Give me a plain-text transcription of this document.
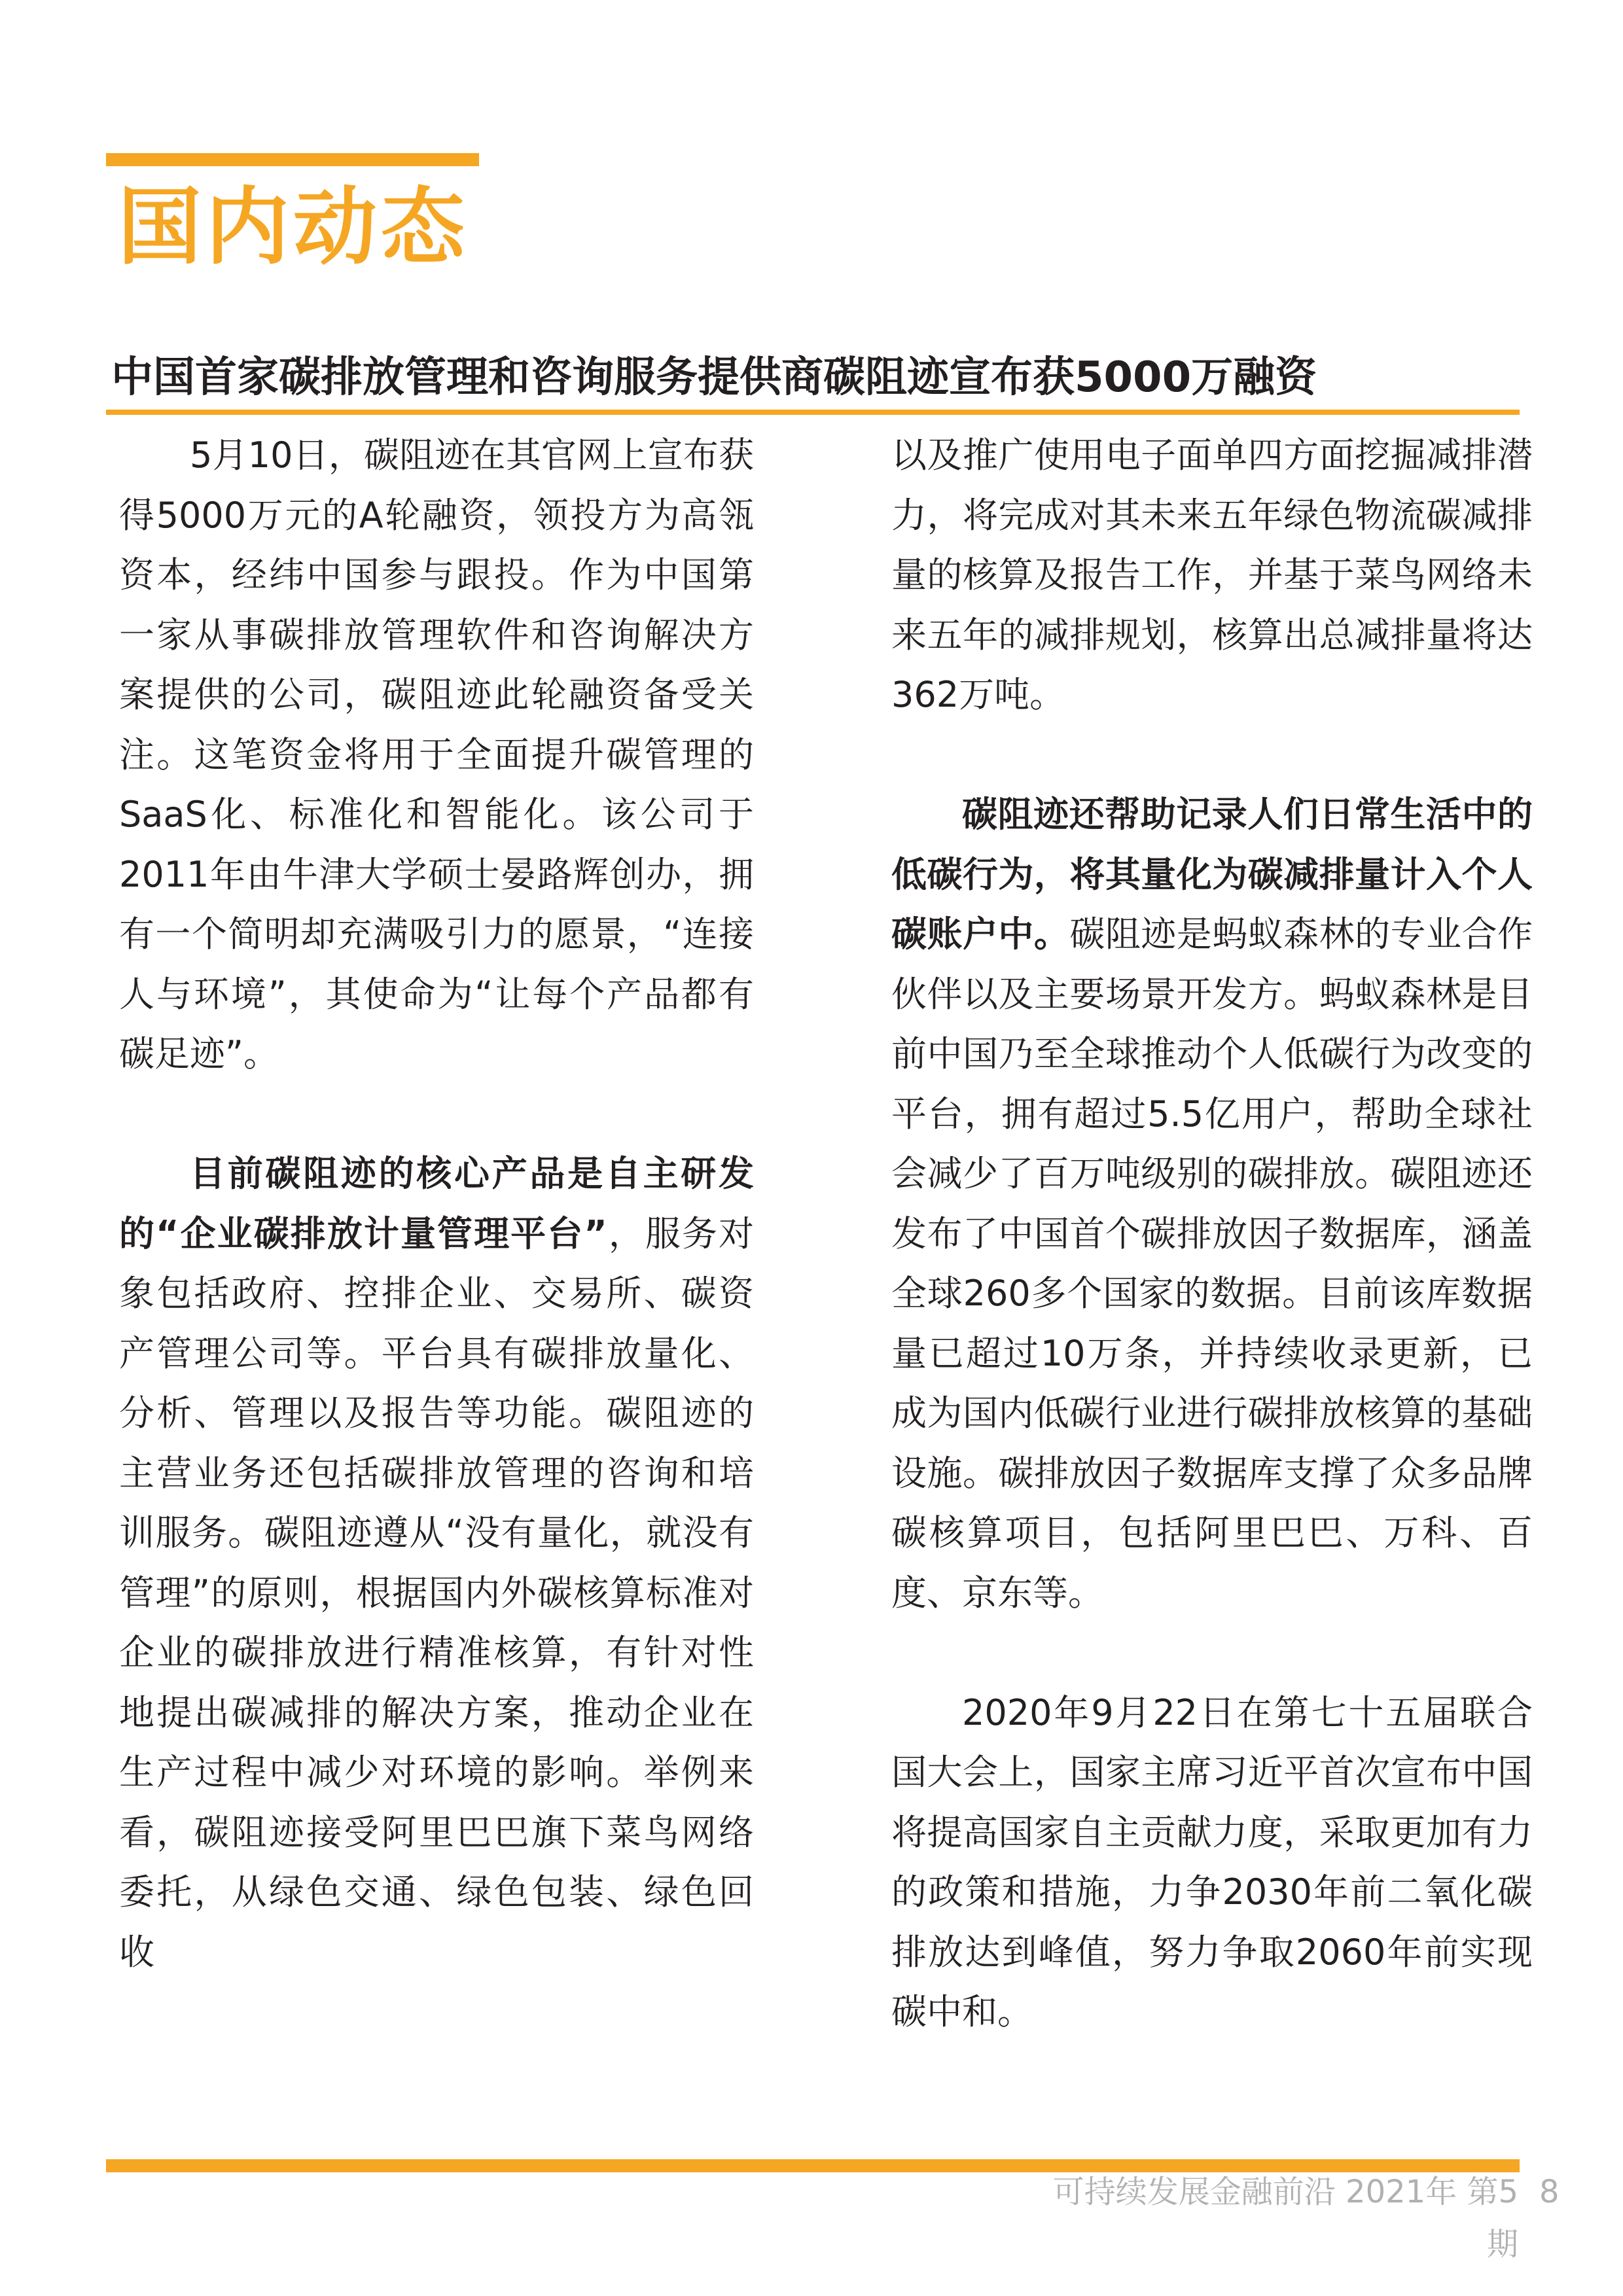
国内动态
中国首家碳排放管理和咨询服务提供商碳阻迹宣布获5000万融资

5月10日，碳阻迹在其官网上宣布获得5000万元的A轮融资，领投方为高瓴资本，经纬中国参与跟投。作为中国第一家从事碳排放管理软件和咨询解决方案提供的公司，碳阻迹此轮融资备受关注。这笔资金将用于全面提升碳管理的SaaS化、标准化和智能化。该公司于2011年由牛津大学硕士晏路辉创办，拥有一个简明却充满吸引力的愿景，“连接人与环境”，其使命为“让每个产品都有碳足迹”。

目前碳阻迹的核心产品是自主研发的“企业碳排放计量管理平台”，服务对象包括政府、控排企业、交易所、碳资产管理公司等。平台具有碳排放量化、分析、管理以及报告等功能。碳阻迹的主营业务还包括碳排放管理的咨询和培训服务。碳阻迹遵从“没有量化，就没有管理”的原则，根据国内外碳核算标准对企业的碳排放进行精准核算，有针对性地提出碳减排的解决方案，推动企业在生产过程中减少对环境的影响。举例来看，碳阻迹接受阿里巴巴旗下菜鸟网络委托，从绿色交通、绿色包装、绿色回收

以及推广使用电子面单四方面挖掘减排潜力，将完成对其未来五年绿色物流碳减排量的核算及报告工作，并基于菜鸟网络未来五年的减排规划，核算出总减排量将达362万吨。

碳阻迹还帮助记录人们日常生活中的低碳行为，将其量化为碳减排量计入个人碳账户中。碳阻迹是蚂蚁森林的专业合作伙伴以及主要场景开发方。蚂蚁森林是目前中国乃至全球推动个人低碳行为改变的平台，拥有超过5.5亿用户，帮助全球社会减少了百万吨级别的碳排放。碳阻迹还发布了中国首个碳排放因子数据库，涵盖全球260多个国家的数据。目前该库数据量已超过10万条，并持续收录更新，已成为国内低碳行业进行碳排放核算的基础设施。碳排放因子数据库支撑了众多品牌碳核算项目，包括阿里巴巴、万科、百度、京东等。

2020年9月22日在第七十五届联合国大会上，国家主席习近平首次宣布中国将提高国家自主贡献力度，采取更加有力的政策和措施，力争2030年前二氧化碳排放达到峰值，努力争取2060年前实现碳中和。

可持续发展金融前沿 2021年 第5期
8
